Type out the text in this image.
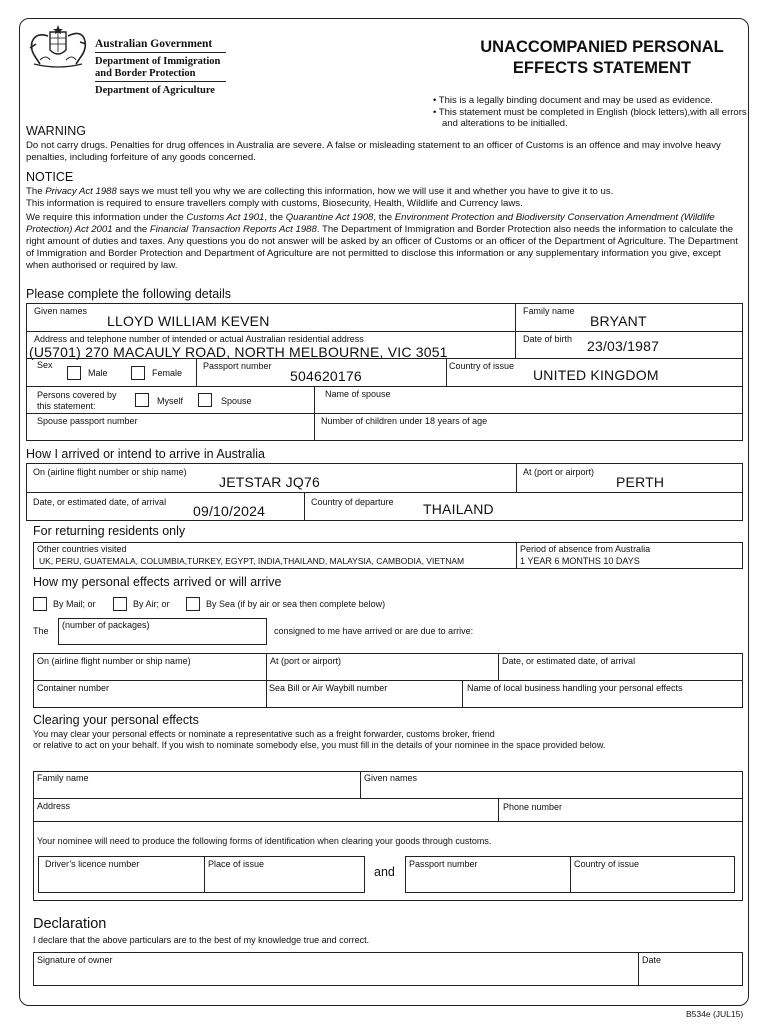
Australian Government
Department of Immigration and Border Protection
Department of Agriculture
UNACCOMPANIED PERSONAL
EFFECTS STATEMENT
• This is a legally binding document and may be used as evidence.
• This statement must be completed in English (block letters),with all errors and alterations to be initialled.
WARNING
Do not carry drugs. Penalties for drug offences in Australia are severe. A false or misleading statement to an officer of Customs is an offence and may involve heavy penalties, including forfeiture of any goods concerned.
NOTICE
The Privacy Act 1988 says we must tell you why we are collecting this information, how we will use it and whether you have to give it to us.
This information is required to ensure travellers comply with customs, Biosecurity, Health, Wildlife and Currency laws.
We require this information under the Customs Act 1901, the Quarantine Act 1908, the Environment Protection and Biodiversity Conservation Amendment (Wildlife Protection) Act 2001 and the Financial Transaction Reports Act 1988. The Department of Immigration and Border Protection also needs the information to calculate the right amount of duties and taxes. Any questions you do not answer will be asked by an officer of Customs or an officer of the Department of Agriculture. The Department of Immigration and Border Protection and Department of Agriculture are not permitted to disclose this information or any supplementary information you give, except when authorised or required by law.
Please complete the following details
Given names
LLOYD WILLIAM KEVEN
Family name
BRYANT
Address and telephone number of intended or actual Australian residential address
(U5701) 270 MACAULY ROAD, NORTH MELBOURNE, VIC 3051
Date of birth 23/03/1987
Sex
Male	Female
Passport number
504620176
Country of issue
UNITED KINGDOM
Persons covered by this statement:	Myself	Spouse
Name of spouse
Spouse passport number	Number of children under 18 years of age
How I arrived or intend to arrive in Australia
On (airline flight number or ship name)
JETSTAR JQ76
At (port or airport)
PERTH
Date, or estimated date, of arrival
09/10/2024
Country of departure THAILAND
For returning residents only
Other countries visited
UK, PERU, GUATEMALA, COLUMBIA,TURKEY, EGYPT, INDIA,THAILAND, MALAYSIA, CAMBODIA, VIETNAM
Period of absence from Australia
1 YEAR 6 MONTHS 10 DAYS
How my personal effects arrived or will arrive
By Mail; or	By Air; or	By Sea (if by air or sea then complete below)
The
(number of packages)
consigned to me have arrived or are due to arrive:
On (airline flight number or ship name)	At (port or airport)	Date, or estimated date, of arrival
Container number	Sea Bill or Air Waybill number	Name of local business handling your personal effects
Clearing your personal effects
You may clear your personal effects or nominate a representative such as a freight forwarder, customs broker, friend
or relative to act on your behalf. If you wish to nominate somebody else, you must fill in the details of your nominee in the space provided below.
Family name	Given names
Address	Phone number
Your nominee will need to produce the following forms of identification when clearing your goods through customs.
Driver’s licence number	Place of issue
and
Passport number	Country of issue
Declaration
I declare that the above particulars are to the best of my knowledge true and correct.
Signature of owner	Date
B534e (JUL15)
